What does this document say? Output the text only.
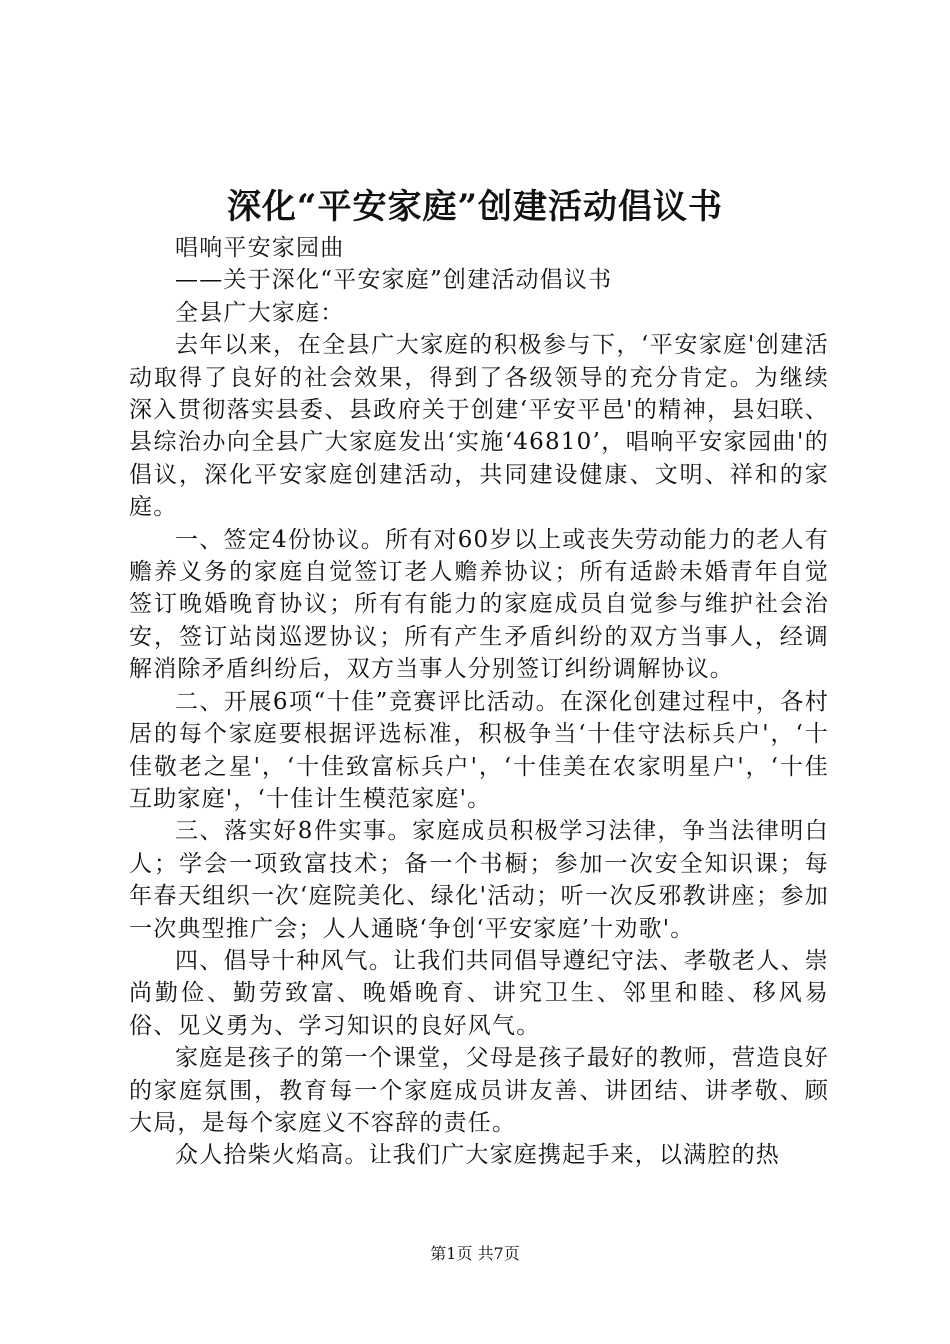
深化“平安家庭”创建活动倡议书

唱响平安家园曲

——关于深化“平安家庭”创建活动倡议书

全县广大家庭：

去年以来，在全县广大家庭的积极参与下，‘平安家庭'创建活动取得了良好的社会效果，得到了各级领导的充分肯定。为继续深入贯彻落实县委、县政府关于创建‘平安平邑'的精神，县妇联、县综治办向全县广大家庭发出‘实施‘46810’，唱响平安家园曲'的倡议，深化平安家庭创建活动，共同建设健康、文明、祥和的家庭。

一、签定4份协议。所有对60岁以上或丧失劳动能力的老人有赡养义务的家庭自觉签订老人赡养协议；所有适龄未婚青年自觉签订晚婚晚育协议；所有有能力的家庭成员自觉参与维护社会治安，签订站岗巡逻协议；所有产生矛盾纠纷的双方当事人，经调解消除矛盾纠纷后，双方当事人分别签订纠纷调解协议。

二、开展6项“十佳”竞赛评比活动。在深化创建过程中，各村居的每个家庭要根据评选标准，积极争当‘十佳守法标兵户'，‘十佳敬老之星'，‘十佳致富标兵户'，‘十佳美在农家明星户'，‘十佳互助家庭'，‘十佳计生模范家庭'。

三、落实好8件实事。家庭成员积极学习法律，争当法律明白人；学会一项致富技术；备一个书橱；参加一次安全知识课；每年春天组织一次‘庭院美化、绿化'活动；听一次反邪教讲座；参加一次典型推广会；人人通晓‘争创‘平安家庭’十劝歌'。

四、倡导十种风气。让我们共同倡导遵纪守法、孝敬老人、崇尚勤俭、勤劳致富、晚婚晚育、讲究卫生、邻里和睦、移风易俗、见义勇为、学习知识的良好风气。

家庭是孩子的第一个课堂，父母是孩子最好的教师，营造良好的家庭氛围，教育每一个家庭成员讲友善、讲团结、讲孝敬、顾大局，是每个家庭义不容辞的责任。

众人拾柴火焰高。让我们广大家庭携起手来，以满腔的热

第1页 共7页
